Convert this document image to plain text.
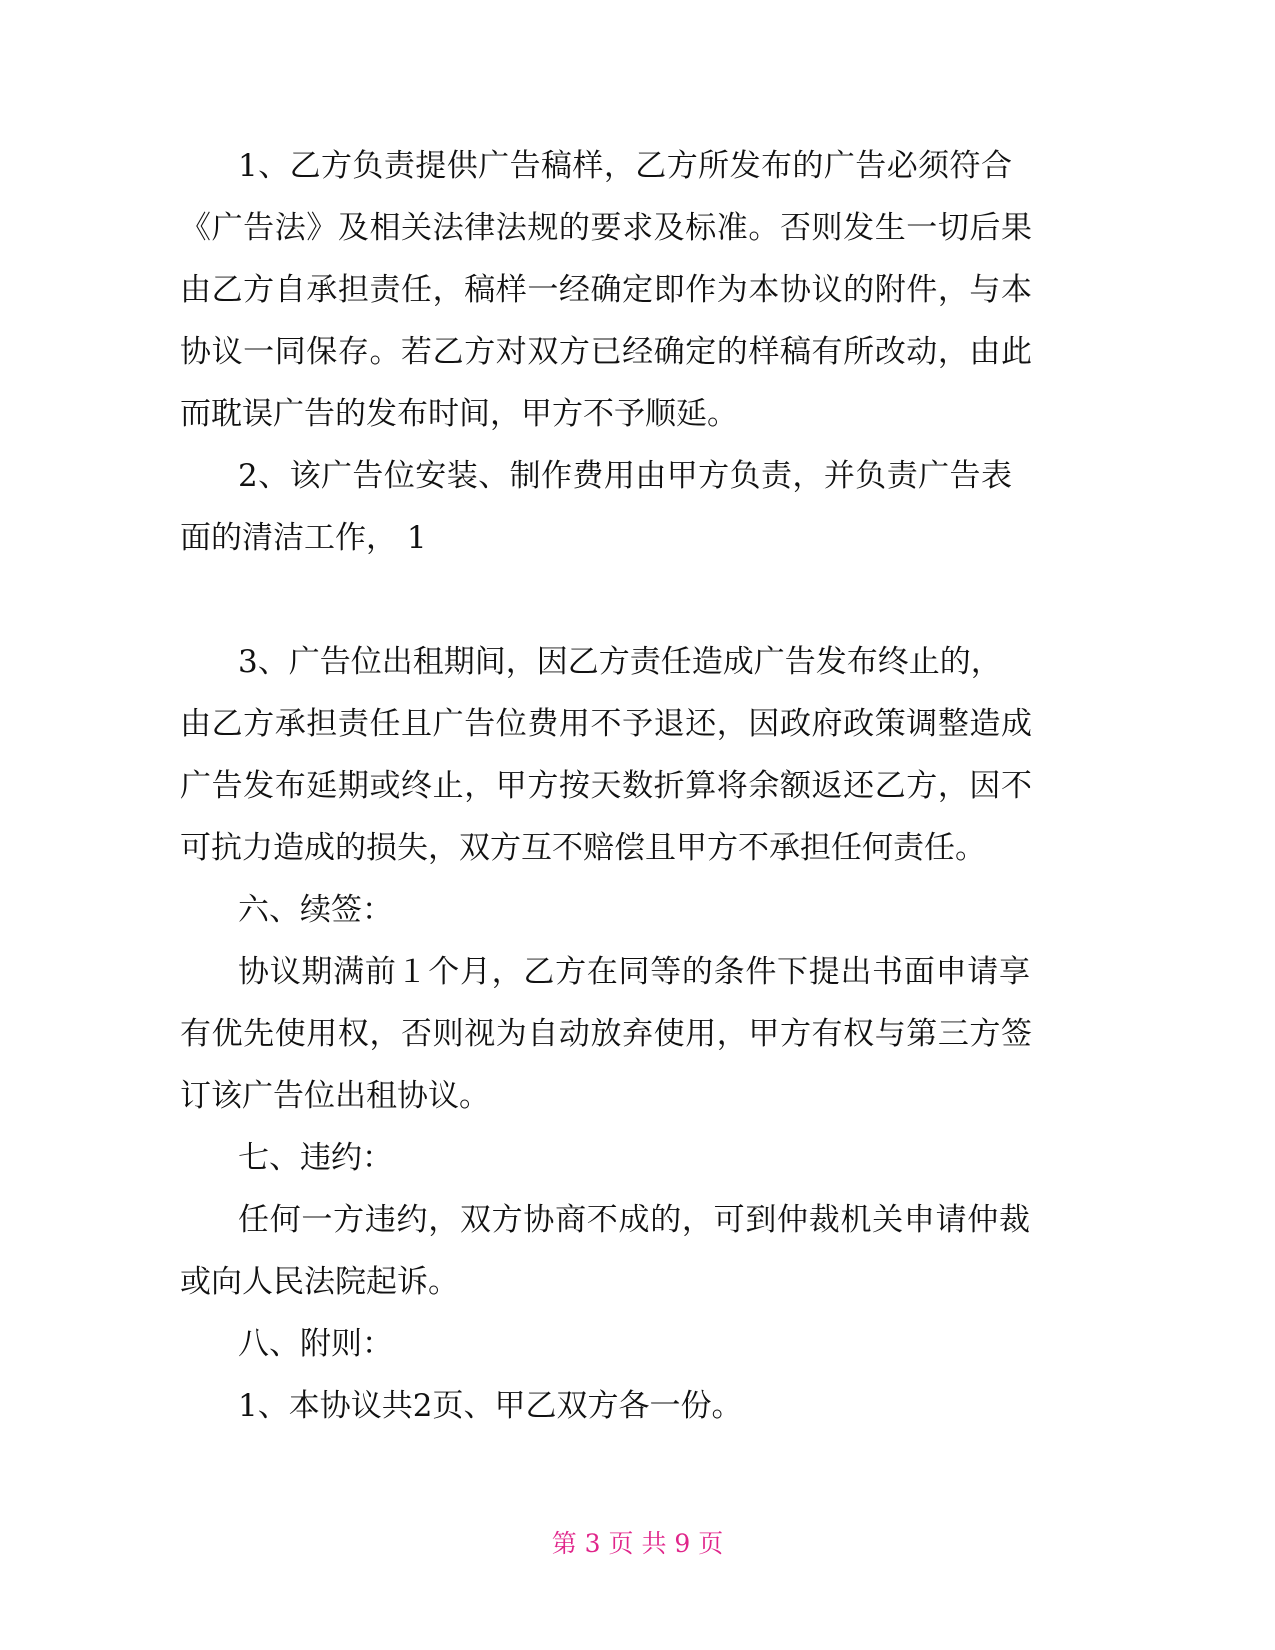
1、乙方负责提供广告稿样，乙方所发布的广告必须符合
《广告法》及相关法律法规的要求及标准。否则发生一切后果
由乙方自承担责任，稿样一经确定即作为本协议的附件，与本
协议一同保存。若乙方对双方已经确定的样稿有所改动，由此
而耽误广告的发布时间，甲方不予顺延。
2、该广告位安装、制作费用由甲方负责，并负责广告表
面的清洁工作， 1
3、广告位出租期间，因乙方责任造成广告发布终止的，
由乙方承担责任且广告位费用不予退还，因政府政策调整造成
广告发布延期或终止，甲方按天数折算将余额返还乙方，因不
可抗力造成的损失，双方互不赔偿且甲方不承担任何责任。
六、续签：
协议期满前１个月，乙方在同等的条件下提出书面申请享
有优先使用权，否则视为自动放弃使用，甲方有权与第三方签
订该广告位出租协议。
七、违约：
任何一方违约，双方协商不成的，可到仲裁机关申请仲裁
或向人民法院起诉。
八、附则：
1、本协议共2页、甲乙双方各一份。
第 3 页 共 9 页
